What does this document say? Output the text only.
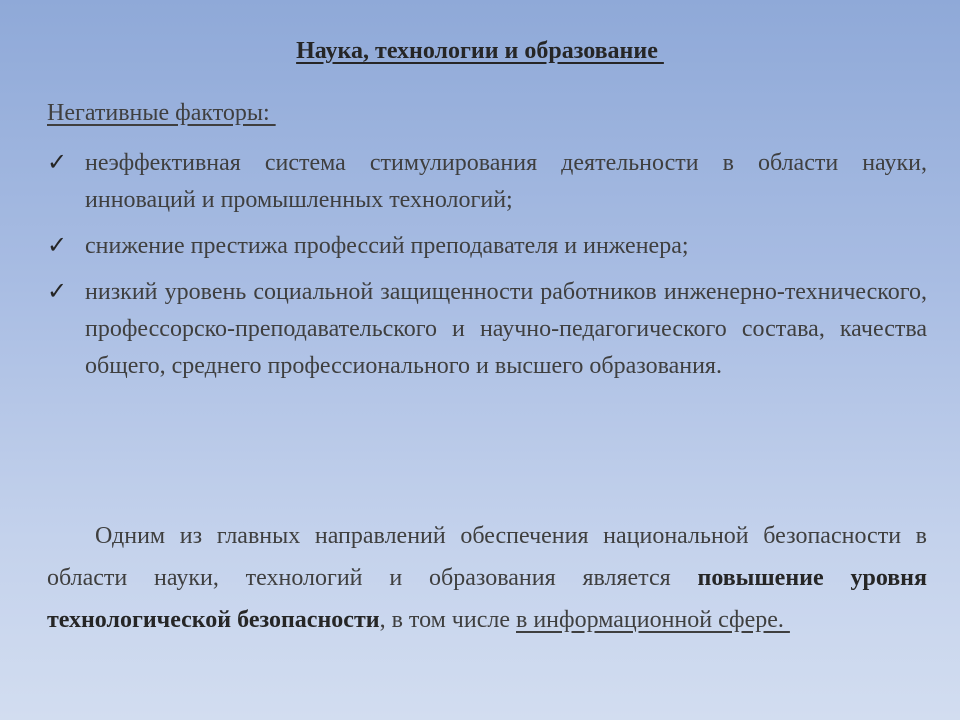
Наука, технологии и образование
Негативные факторы:
✓ неэффективная система стимулирования деятельности в области науки, инноваций и промышленных технологий;
✓ снижение престижа профессий преподавателя и инженера;
✓ низкий уровень социальной защищенности работников инженерно-технического, профессорско-преподавательского и научно-педагогического состава, качества общего, среднего профессионального и высшего образования.

Одним из главных направлений обеспечения национальной безопасности в области науки, технологий и образования является повышение уровня технологической безопасности, в том числе в информационной сфере.
